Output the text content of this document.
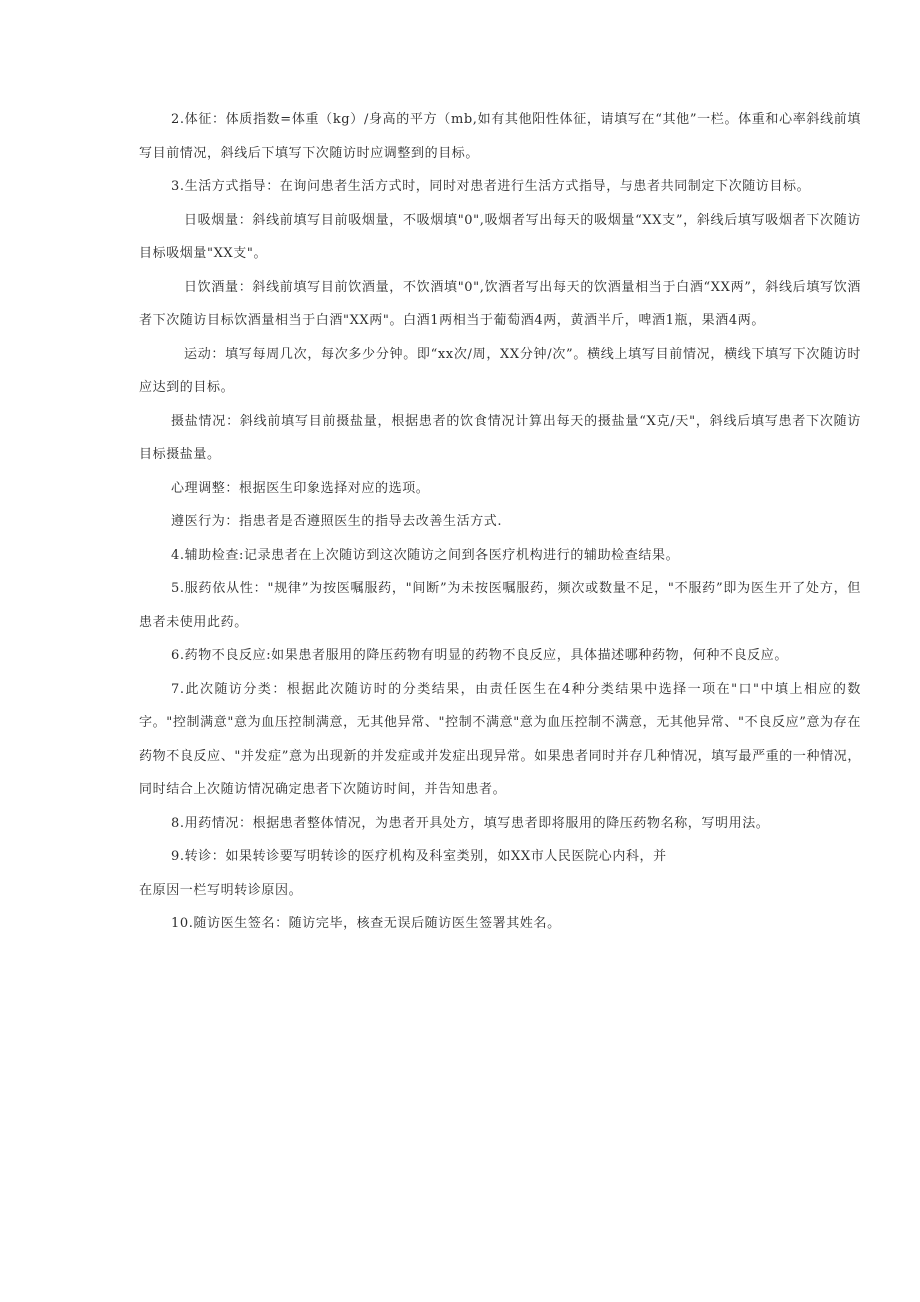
2.体征：体质指数=体重（kg）/身高的平方（mb,如有其他阳性体征，请填写在“其他”一栏。体重和心率斜线前填写目前情况，斜线后下填写下次随访时应调整到的目标。

3.生活方式指导：在询问患者生活方式时，同时对患者进行生活方式指导，与患者共同制定下次随访目标。

日吸烟量：斜线前填写目前吸烟量，不吸烟填"0",吸烟者写出每天的吸烟量“XX支”，斜线后填写吸烟者下次随访目标吸烟量"XX支"。

日饮酒量：斜线前填写目前饮酒量，不饮酒填"0",饮酒者写出每天的饮酒量相当于白酒“XX两”，斜线后填写饮酒者下次随访目标饮酒量相当于白酒"XX两"。白酒1两相当于葡萄酒4两，黄酒半斤，啤酒1瓶，果酒4两。

运动：填写每周几次，每次多少分钟。即“xx次/周，XX分钟/次”。横线上填写目前情况，横线下填写下次随访时应达到的目标。

摄盐情况：斜线前填写目前摄盐量，根据患者的饮食情况计算出每天的摄盐量“X克/天"，斜线后填写患者下次随访目标摄盐量。

心理调整：根据医生印象选择对应的选项。

遵医行为：指患者是否遵照医生的指导去改善生活方式.

4.辅助检查:记录患者在上次随访到这次随访之间到各医疗机构进行的辅助检查结果。

5.服药依从性："规律”为按医嘱服药，"间断”为未按医嘱服药，频次或数量不足，"不服药”即为医生开了处方，但患者未使用此药。

6.药物不良反应:如果患者服用的降压药物有明显的药物不良反应，具体描述哪种药物，何种不良反应。

7.此次随访分类：根据此次随访时的分类结果，由责任医生在4种分类结果中选择一项在"口"中填上相应的数字。"控制满意"意为血压控制满意，无其他异常、"控制不满意"意为血压控制不满意，无其他异常、"不良反应”意为存在药物不良反应、"并发症”意为出现新的并发症或并发症出现异常。如果患者同时并存几种情况，填写最严重的一种情况，同时结合上次随访情况确定患者下次随访时间，并告知患者。

8.用药情况：根据患者整体情况，为患者开具处方，填写患者即将服用的降压药物名称，写明用法。

9.转诊：如果转诊要写明转诊的医疗机构及科室类别，如XX市人民医院心内科，并

在原因一栏写明转诊原因。

10.随访医生签名：随访完毕，核查无误后随访医生签署其姓名。
